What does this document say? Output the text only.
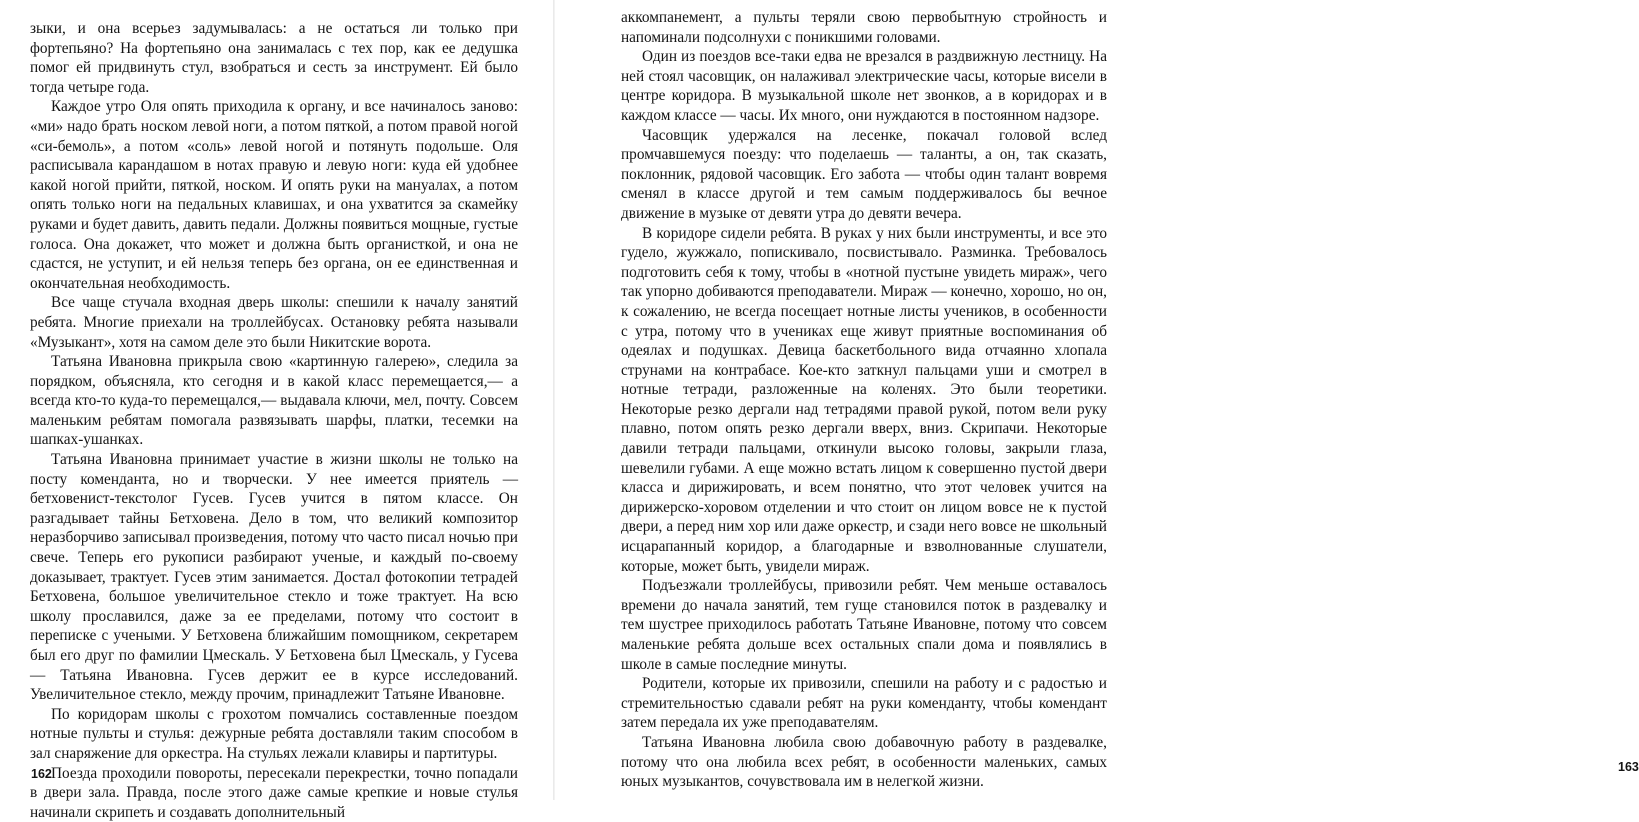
зыки, и она всерьез задумывалась: а не остаться ли только при фортепьяно? На фортепьяно она занималась с тех пор, как ее дедушка помог ей придвинуть стул, взобраться и сесть за инструмент. Ей было тогда четыре года.

Каждое утро Оля опять приходила к органу, и все начиналось заново: «ми» надо брать носком левой ноги, а потом пяткой, а потом правой ногой «си-бемоль», а потом «соль» левой ногой и потянуть подольше. Оля расписывала карандашом в нотах правую и левую ноги: куда ей удобнее какой ногой прийти, пяткой, носком. И опять руки на мануалах, а потом опять только ноги на педальных клавишах, и она ухватится за скамейку руками и будет давить, давить педали. Должны появиться мощные, густые голоса. Она докажет, что может и должна быть органисткой, и она не сдастся, не уступит, и ей нельзя теперь без органа, он ее единственная и окончательная необходимость.

Все чаще стучала входная дверь школы: спешили к началу занятий ребята. Многие приехали на троллейбусах. Остановку ребята называли «Музыкант», хотя на самом деле это были Никитские ворота.

Татьяна Ивановна прикрыла свою «картинную галерею», следила за порядком, объясняла, кто сегодня и в какой класс перемещается,— а всегда кто-то куда-то перемещался,— выдавала ключи, мел, почту. Совсем маленьким ребятам помогала развязывать шарфы, платки, тесемки на шапках-ушанках.

Татьяна Ивановна принимает участие в жизни школы не только на посту коменданта, но и творчески. У нее имеется приятель — бетховенист-текстолог Гусев. Гусев учится в пятом классе. Он разгадывает тайны Бетховена. Дело в том, что великий композитор неразборчиво записывал произведения, потому что часто писал ночью при свече. Теперь его рукописи разбирают ученые, и каждый по-своему доказывает, трактует. Гусев этим занимается. Достал фотокопии тетрадей Бетховена, большое увеличительное стекло и тоже трактует. На всю школу прославился, даже за ее пределами, потому что состоит в переписке с учеными. У Бетховена ближайшим помощником, секретарем был его друг по фамилии Цмескаль. У Бетховена был Цмескаль, у Гусева — Татьяна Ивановна. Гусев держит ее в курсе исследований. Увеличительное стекло, между прочим, принадлежит Татьяне Ивановне.

По коридорам школы с грохотом помчались составленные поездом нотные пульты и стулья: дежурные ребята доставляли таким способом в зал снаряжение для оркестра. На стульях лежали клавиры и партитуры.

Поезда проходили повороты, пересекали перекрестки, точно попадали в двери зала. Правда, после этого даже самые крепкие и новые стулья начинали скрипеть и создавать дополнительный

162

аккомпанемент, а пульты теряли свою первобытную стройность и напоминали подсолнухи с поникшими головами.

Один из поездов все-таки едва не врезался в раздвижную лестницу. На ней стоял часовщик, он налаживал электрические часы, которые висели в центре коридора. В музыкальной школе нет звонков, а в коридорах и в каждом классе — часы. Их много, они нуждаются в постоянном надзоре.

Часовщик удержался на лесенке, покачал головой вслед промчавшемуся поезду: что поделаешь — таланты, а он, так сказать, поклонник, рядовой часовщик. Его забота — чтобы один талант вовремя сменял в классе другой и тем самым поддерживалось бы вечное движение в музыке от девяти утра до девяти вечера.

В коридоре сидели ребята. В руках у них были инструменты, и все это гудело, жужжало, попискивало, посвистывало. Разминка. Требовалось подготовить себя к тому, чтобы в «нотной пустыне увидеть мираж», чего так упорно добиваются преподаватели. Мираж — конечно, хорошо, но он, к сожалению, не всегда посещает нотные листы учеников, в особенности с утра, потому что в учениках еще живут приятные воспоминания об одеялах и подушках. Девица баскетбольного вида отчаянно хлопала струнами на контрабасе. Кое-кто заткнул пальцами уши и смотрел в нотные тетради, разложенные на коленях. Это были теоретики. Некоторые резко дергали над тетрадями правой рукой, потом вели руку плавно, потом опять резко дергали вверх, вниз. Скрипачи. Некоторые давили тетради пальцами, откинули высоко головы, закрыли глаза, шевелили губами. А еще можно встать лицом к совершенно пустой двери класса и дирижировать, и всем понятно, что этот человек учится на дирижерско-хоровом отделении и что стоит он лицом вовсе не к пустой двери, а перед ним хор или даже оркестр, и сзади него вовсе не школьный исцарапанный коридор, а благодарные и взволнованные слушатели, которые, может быть, увидели мираж.

Подъезжали троллейбусы, привозили ребят. Чем меньше оставалось времени до начала занятий, тем гуще становился поток в раздевалку и тем шустрее приходилось работать Татьяне Ивановне, потому что совсем маленькие ребята дольше всех остальных спали дома и появлялись в школе в самые последние минуты.

Родители, которые их привозили, спешили на работу и с радостью и стремительностью сдавали ребят на руки коменданту, чтобы комендант затем передала их уже преподавателям.

Татьяна Ивановна любила свою добавочную работу в раздевалке, потому что она любила всех ребят, в особенности маленьких, самых юных музыкантов, сочувствовала им в нелегкой жизни.

163
